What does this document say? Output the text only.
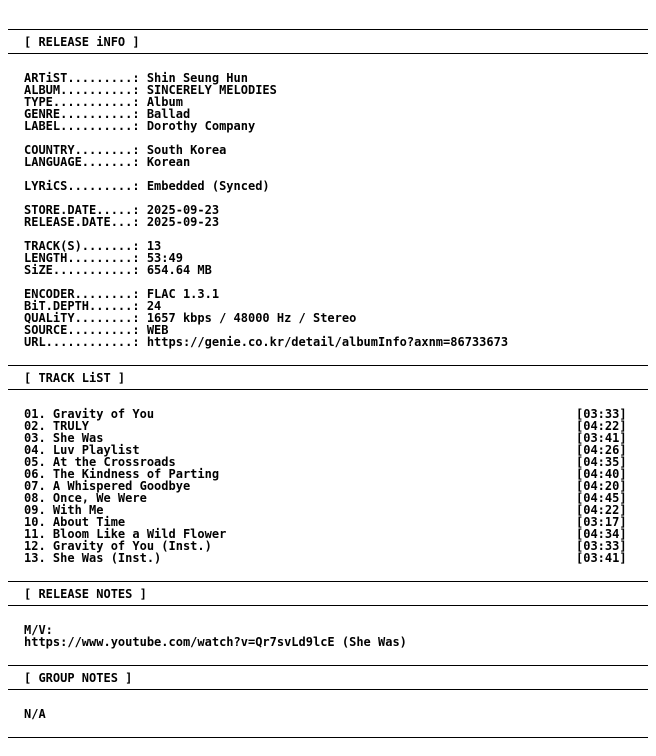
[ RELEASE iNFO ]
ARTiST.........: Shin Seung Hun
ALBUM..........: SINCERELY MELODIES
TYPE...........: Album
GENRE..........: Ballad
LABEL..........: Dorothy Company
COUNTRY........: South Korea
LANGUAGE.......: Korean
LYRiCS.........: Embedded (Synced)
STORE.DATE.....: 2025-09-23
RELEASE.DATE...: 2025-09-23
TRACK(S).......: 13
LENGTH.........: 53:49
SiZE...........: 654.64 MB
ENCODER........: FLAC 1.3.1
BiT.DEPTH......: 24
QUALiTY........: 1657 kbps / 48000 Hz / Stereo
SOURCE.........: WEB
URL............: https://genie.co.kr/detail/albumInfo?axnm=86733673
[ TRACK LiST ]
01. Gravity of You	[03:33]
02. TRULY	[04:22]
03. She Was	[03:41]
04. Luv Playlist	[04:26]
05. At the Crossroads	[04:35]
06. The Kindness of Parting	[04:40]
07. A Whispered Goodbye	[04:20]
08. Once, We Were	[04:45]
09. With Me	[04:22]
10. About Time	[03:17]
11. Bloom Like a Wild Flower	[04:34]
12. Gravity of You (Inst.)	[03:33]
13. She Was (Inst.)	[03:41]
[ RELEASE NOTES ]
M/V:
https://www.youtube.com/watch?v=Qr7svLd9lcE (She Was)
[ GROUP NOTES ]
N/A
